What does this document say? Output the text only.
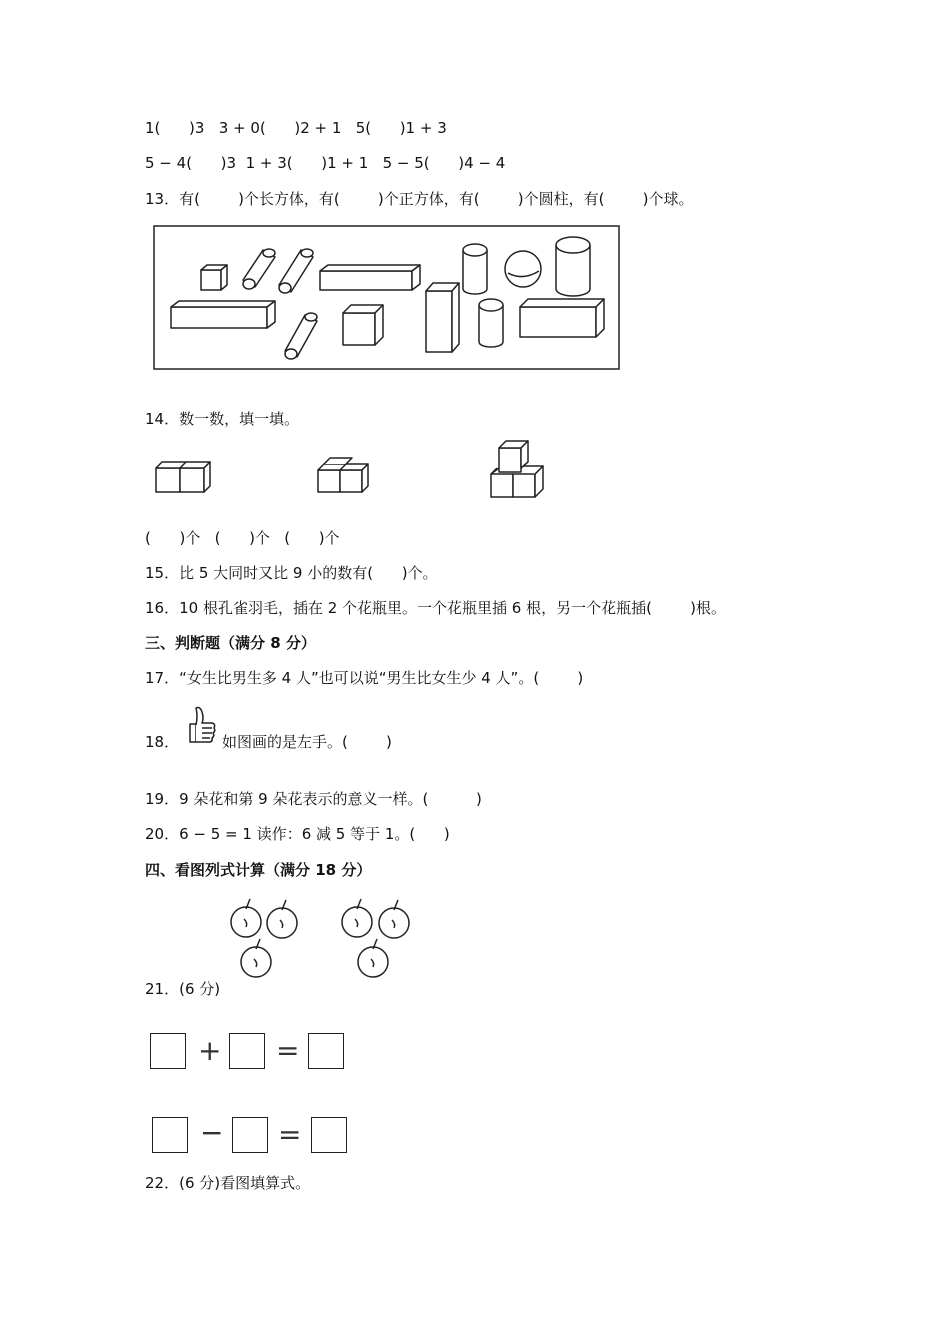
1(      )3   3 + 0(      )2 + 1   5(      )1 + 3
5 − 4(      )3  1 + 3(      )1 + 1   5 − 5(      )4 − 4
13．有(        )个长方体，有(        )个正方体，有(        )个圆柱，有(        )个球。
14．数一数，填一填。
(      )个   (      )个   (      )个
15．比 5 大同时又比 9 小的数有(      )个。
16．10 根孔雀羽毛，插在 2 个花瓶里。一个花瓶里插 6 根，另一个花瓶插(        )根。
三、判断题（满分 8 分）
17．“女生比男生多 4 人”也可以说“男生比女生少 4 人”。(        )
18．	如图画的是左手。(        )
19．9 朵花和第 9 朵花表示的意义一样。(          )
20．6 − 5 = 1 读作：6 减 5 等于 1。(      )
四、看图列式计算（满分 18 分）
21．(6 分)
+ =
− =
22．(6 分)看图填算式。
